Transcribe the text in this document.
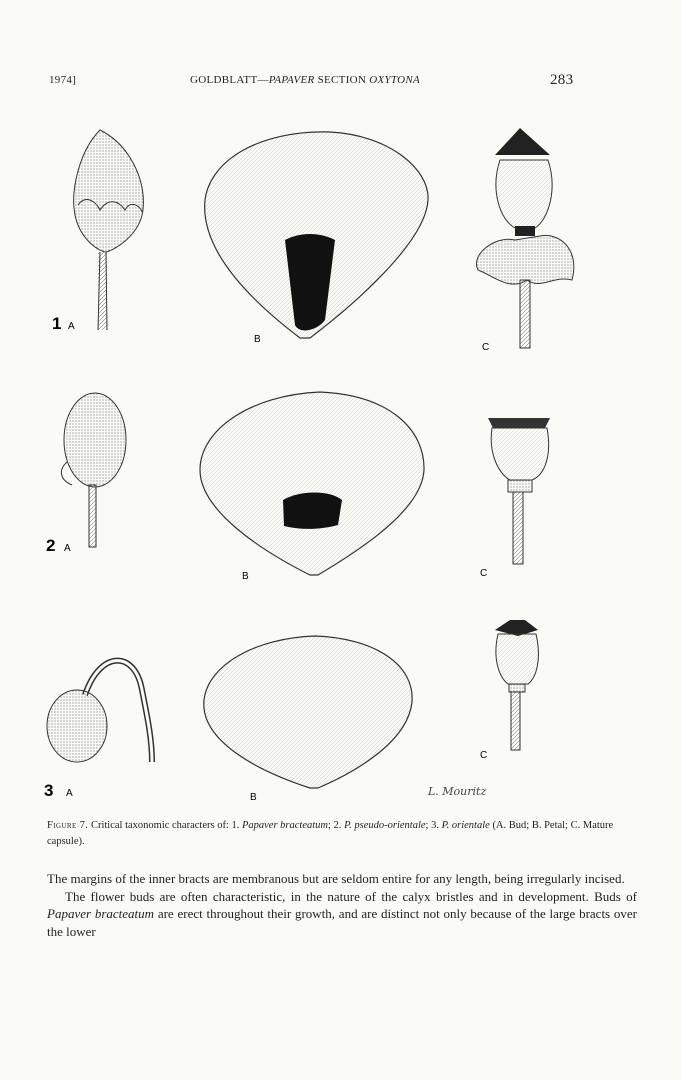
1974]	GOLDBLATT—PAPAVER SECTION OXYTONA	283
1 A
B
C
2 A
B	C
3 A	B
C
L. Mouritz
Figure 7. Critical taxonomic characters of: 1. Papaver bracteatum; 2. P. pseudo-orientale; 3. P. orientale (A. Bud; B. Petal; C. Mature capsule).

The margins of the inner bracts are membranous but are seldom entire for any length, being irregularly incised.

The flower buds are often characteristic, in the nature of the calyx bristles and in development. Buds of Papaver bracteatum are erect throughout their growth, and are distinct not only because of the large bracts over the lower
